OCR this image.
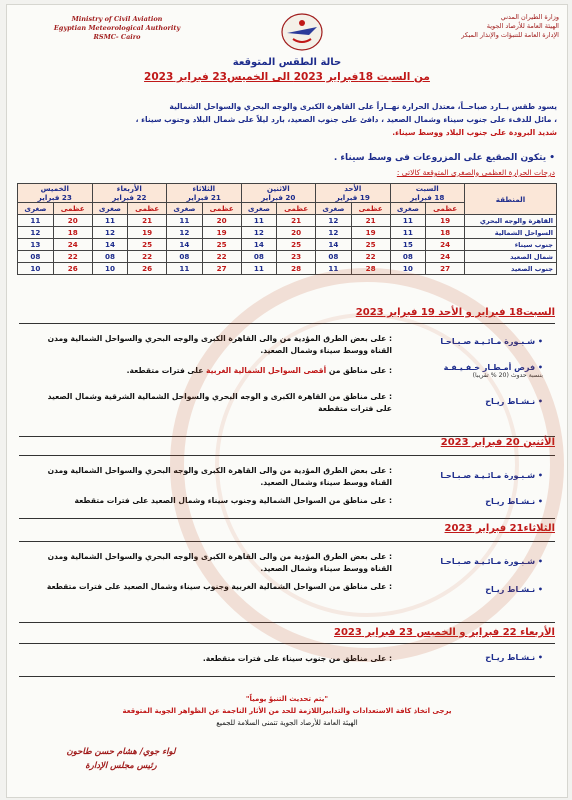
Ministry of Civil Aviation
Egyptian Meteorological Authority
RSMC- Cairo
وزارة الطيران المدني
الهيئة العامة للأرصاد الجوية
الإدارة العامة للتنبؤات والإنذار المبكر
حالة الطقس المتوقعة
من السبت 18فبراير 2023 الى الخميس23 فبراير 2023
يسود طقس بــارد صباحــاً، معتدل الحرارة نهــاراً على القاهرة الكبرى والوجه البحري والسواحل الشمالية
، مائل للدفء على جنوب سيناء وشمال الصعيد ، دافئ على جنوب الصعيد، بارد ليلاً على شمال البلاد وجنوب سيناء ،
شديد البرودة على جنوب البلاد ووسط سيناء.
• يتكون الصقيع على المزروعات فى وسط سيناء .
درجات الحرارة العظمى والصغرى المتوقعة كالاتى :
المنطقة	السبت
18 فبراير		الأحد
19 فبراير		الاثنين
20 فبراير		الثلاثاء
21 فبراير		الأربعاء
22 فبراير		الخميس
23 فبراير	
	عظمى	صغرى	عظمى	صغرى	عظمى	صغرى	عظمى	صغرى	عظمى	صغرى	عظمى	صغرى
القاهرة والوجه البحري	19	11	21	12	21	11	20	11	21	11	20	11
السواحل الشمالية	18	11	19	12	20	12	19	12	19	12	18	12
جنوب سيناء	24	15	25	14	25	14	25	14	25	14	24	13
شمال الصعيد	24	08	22	08	23	08	22	08	22	08	22	08
جنوب الصعيد	27	10	28	11	28	11	27	11	26	10	26	10
السبت18 فبراير و الأحد 19 فبراير 2023
• شـبـورة مـائـيـة صـبـاحـا
: على بعض الطرق المؤدية من والى القاهرة الكبرى والوجه البحري والسواحل الشمالية ومدن القناة ووسط سيناء وشمال الصعيد.
• فرص أمـطـار خـفـيـفـة
بنسبة حدوث (20 % تقريبا)
: على مناطق من أقصى السواحل الشمالية الغربية على فترات متقطعة.
• نـشـاط ريـاح
: على مناطق من القاهرة الكبرى و الوجه البحري والسواحل الشمالية الشرقية وشمال الصعيد على فترات متقطعة
الأثنين 20 فبراير 2023
• شـبـورة مـائـيـة صـبـاحـا
: على بعض الطرق المؤدية من والى القاهرة الكبرى والوجه البحري والسواحل الشمالية ومدن القناة ووسط سيناء وشمال الصعيد.
• نـشـاط ريـاح
: على مناطق من السواحل الشمالية وجنوب سيناء وشمال الصعيد على فترات متقطعة
الثلاثاء21 فبراير 2023
• شـبـورة مـائـيـة صـبـاحـا
: على بعض الطرق المؤدية من والى القاهرة الكبرى والوجه البحري والسواحل الشمالية ومدن القناة ووسط سيناء وشمال الصعيد.
• نـشـاط ريـاح
: على مناطق من السواحل الشمالية الغربية وجنوب سيناء وشمال الصعيد على فترات متقطعة
الأربعاء 22 فبراير و الخميس 23 فبراير 2023
• نـشـاط ريـاح
: على مناطق من جنوب سيناء على فترات متقطعة.
"يتم تحديث التنبؤ يومياً"
يرجى اتخاذ كافة الاستعدادات والتدابيراللازمة للحد من الأثار الناجمة عن الظواهر الجوية المتوقعة
الهيئة العامة للأرصاد الجوية تتمنى السلامة للجميع
لواء جوي/ هشام حسن طاحون
رئيس مجلس الإدارة
